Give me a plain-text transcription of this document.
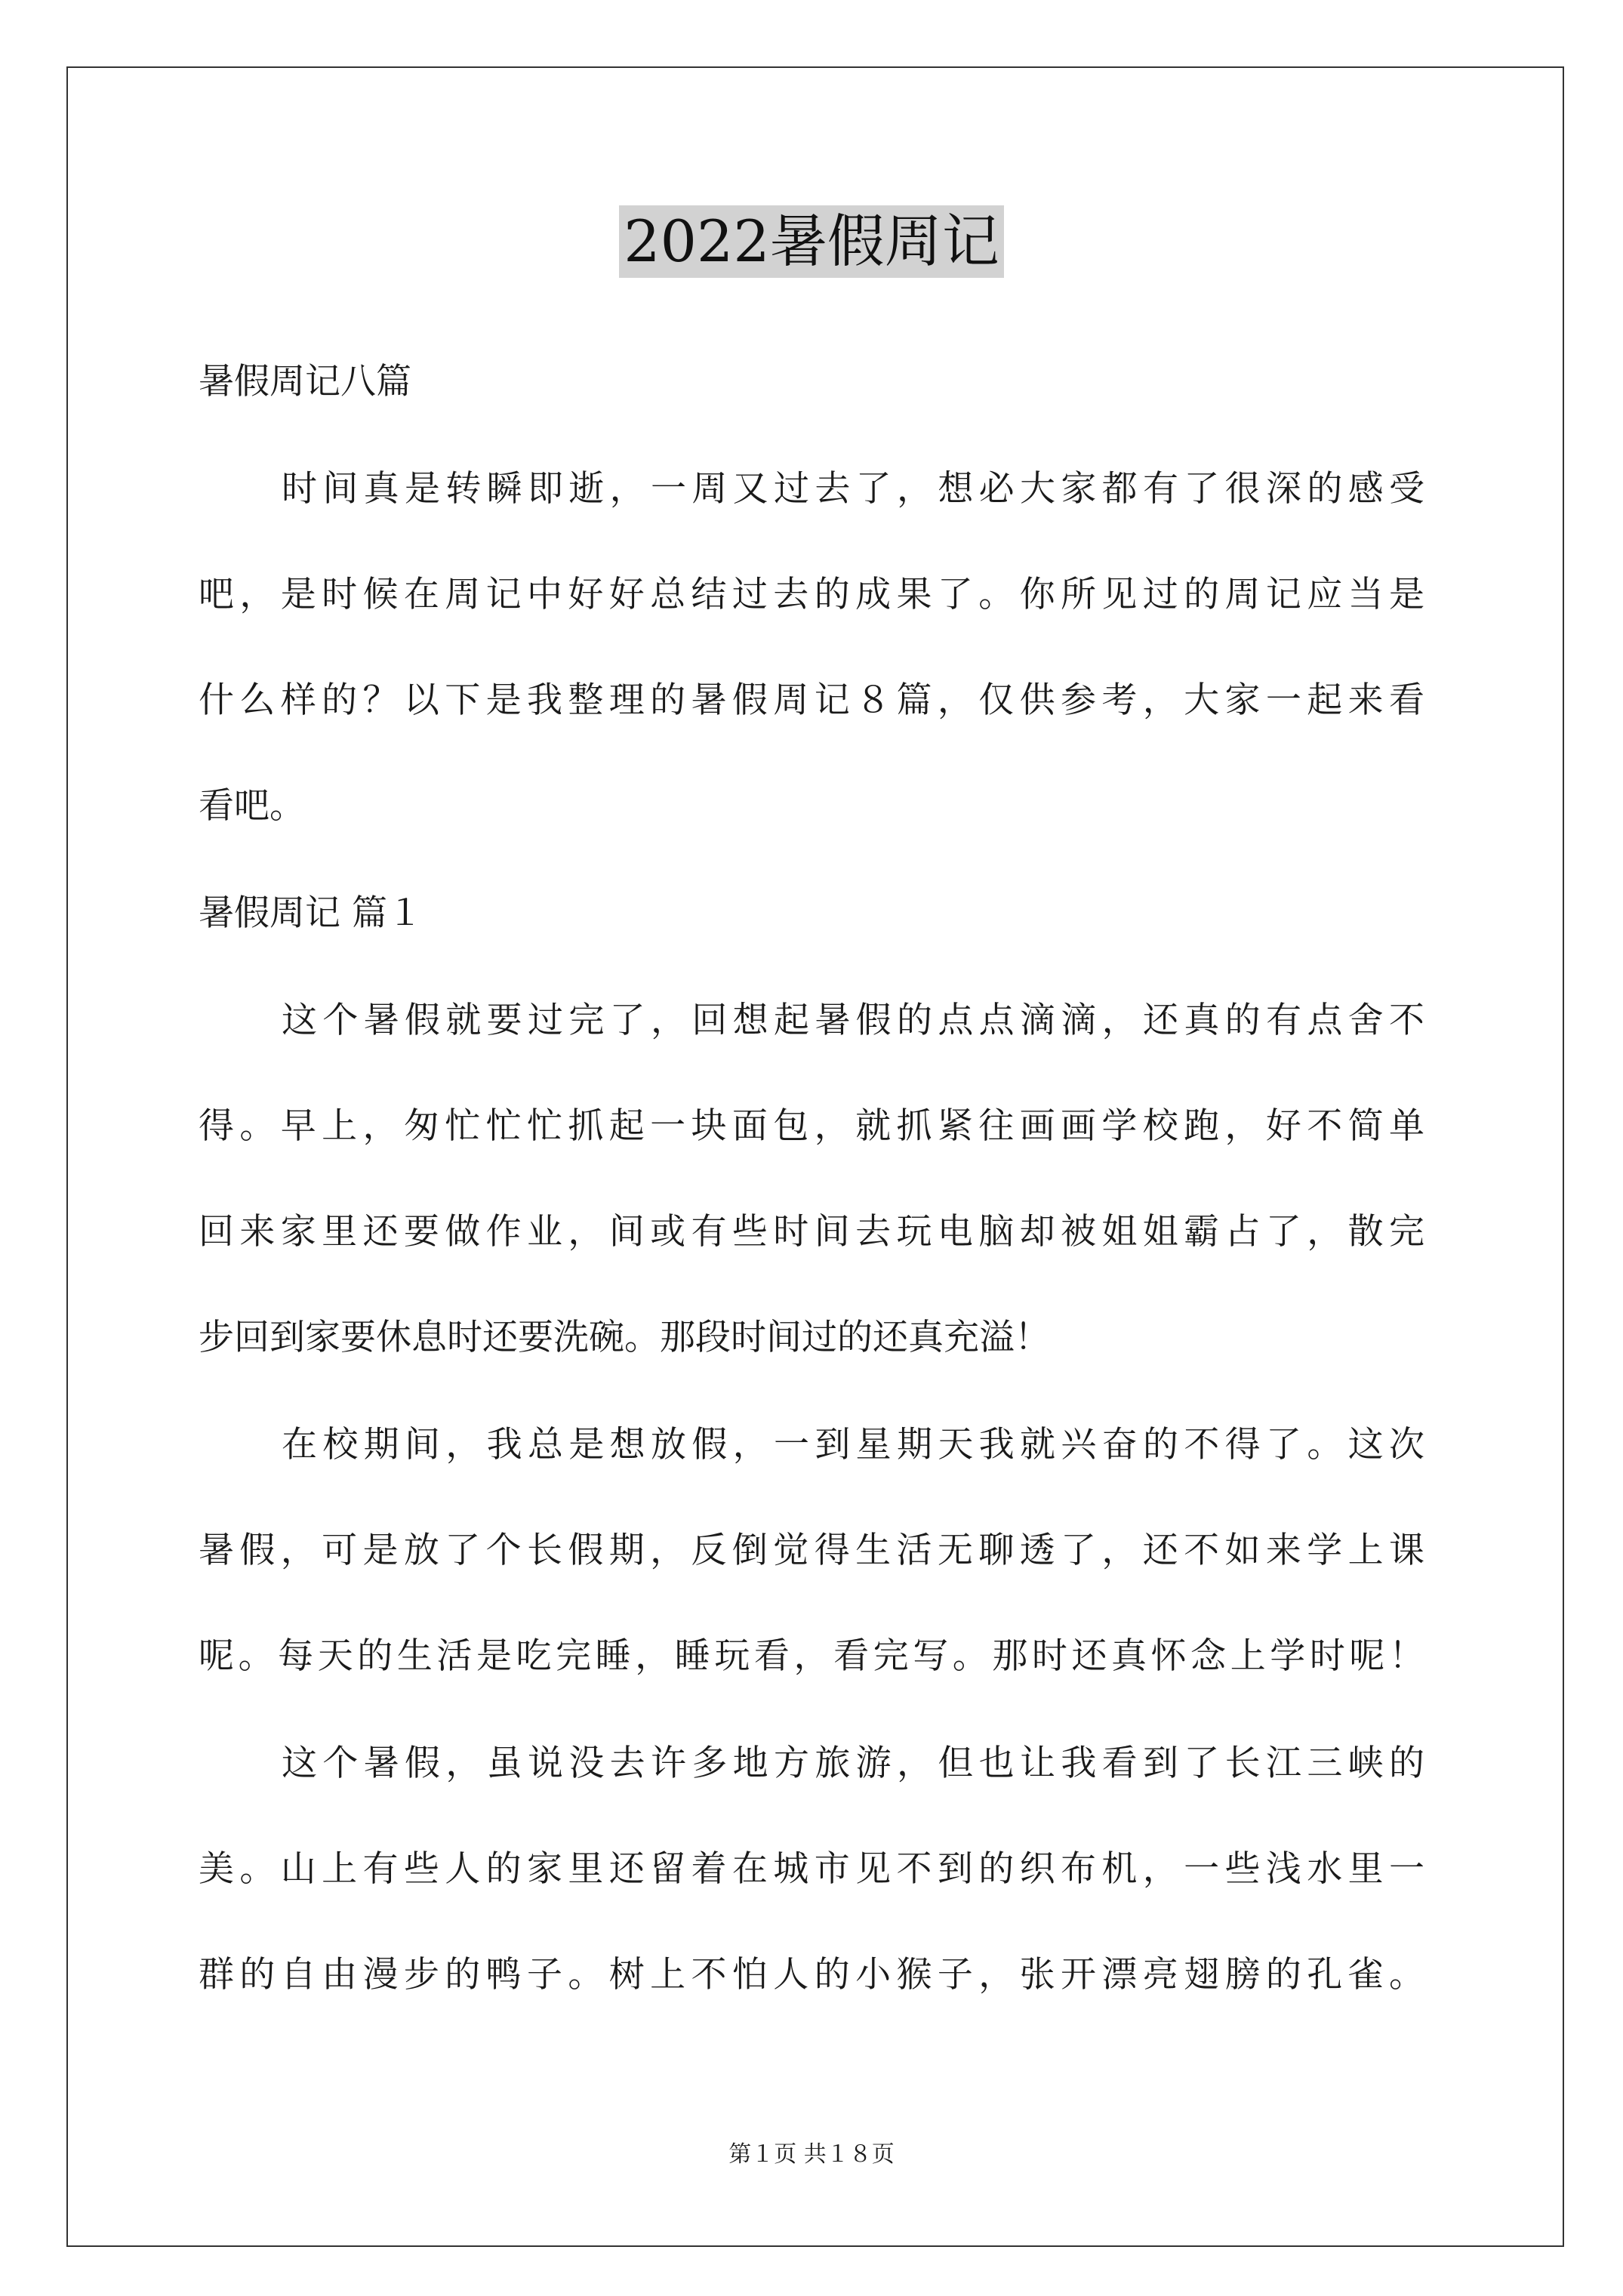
2022暑假周记
暑假周记八篇
时间真是转瞬即逝，一周又过去了，想必大家都有了很深的感受
吧，是时候在周记中好好总结过去的成果了。你所见过的周记应当是
什么样的？以下是我整理的暑假周记８篇，仅供参考，大家一起来看
看吧。
暑假周记 篇１
这个暑假就要过完了，回想起暑假的点点滴滴，还真的有点舍不
得。早上，匆忙忙忙抓起一块面包，就抓紧往画画学校跑，好不简单
回来家里还要做作业，间或有些时间去玩电脑却被姐姐霸占了，散完
步回到家要休息时还要洗碗。那段时间过的还真充溢！
在校期间，我总是想放假，一到星期天我就兴奋的不得了。这次
暑假，可是放了个长假期，反倒觉得生活无聊透了，还不如来学上课
呢。每天的生活是吃完睡，睡玩看，看完写。那时还真怀念上学时呢！
这个暑假，虽说没去许多地方旅游，但也让我看到了长江三峡的
美。山上有些人的家里还留着在城市见不到的织布机，一些浅水里一
群的自由漫步的鸭子。树上不怕人的小猴子，张开漂亮翅膀的孔雀。
第１页 共１８页
